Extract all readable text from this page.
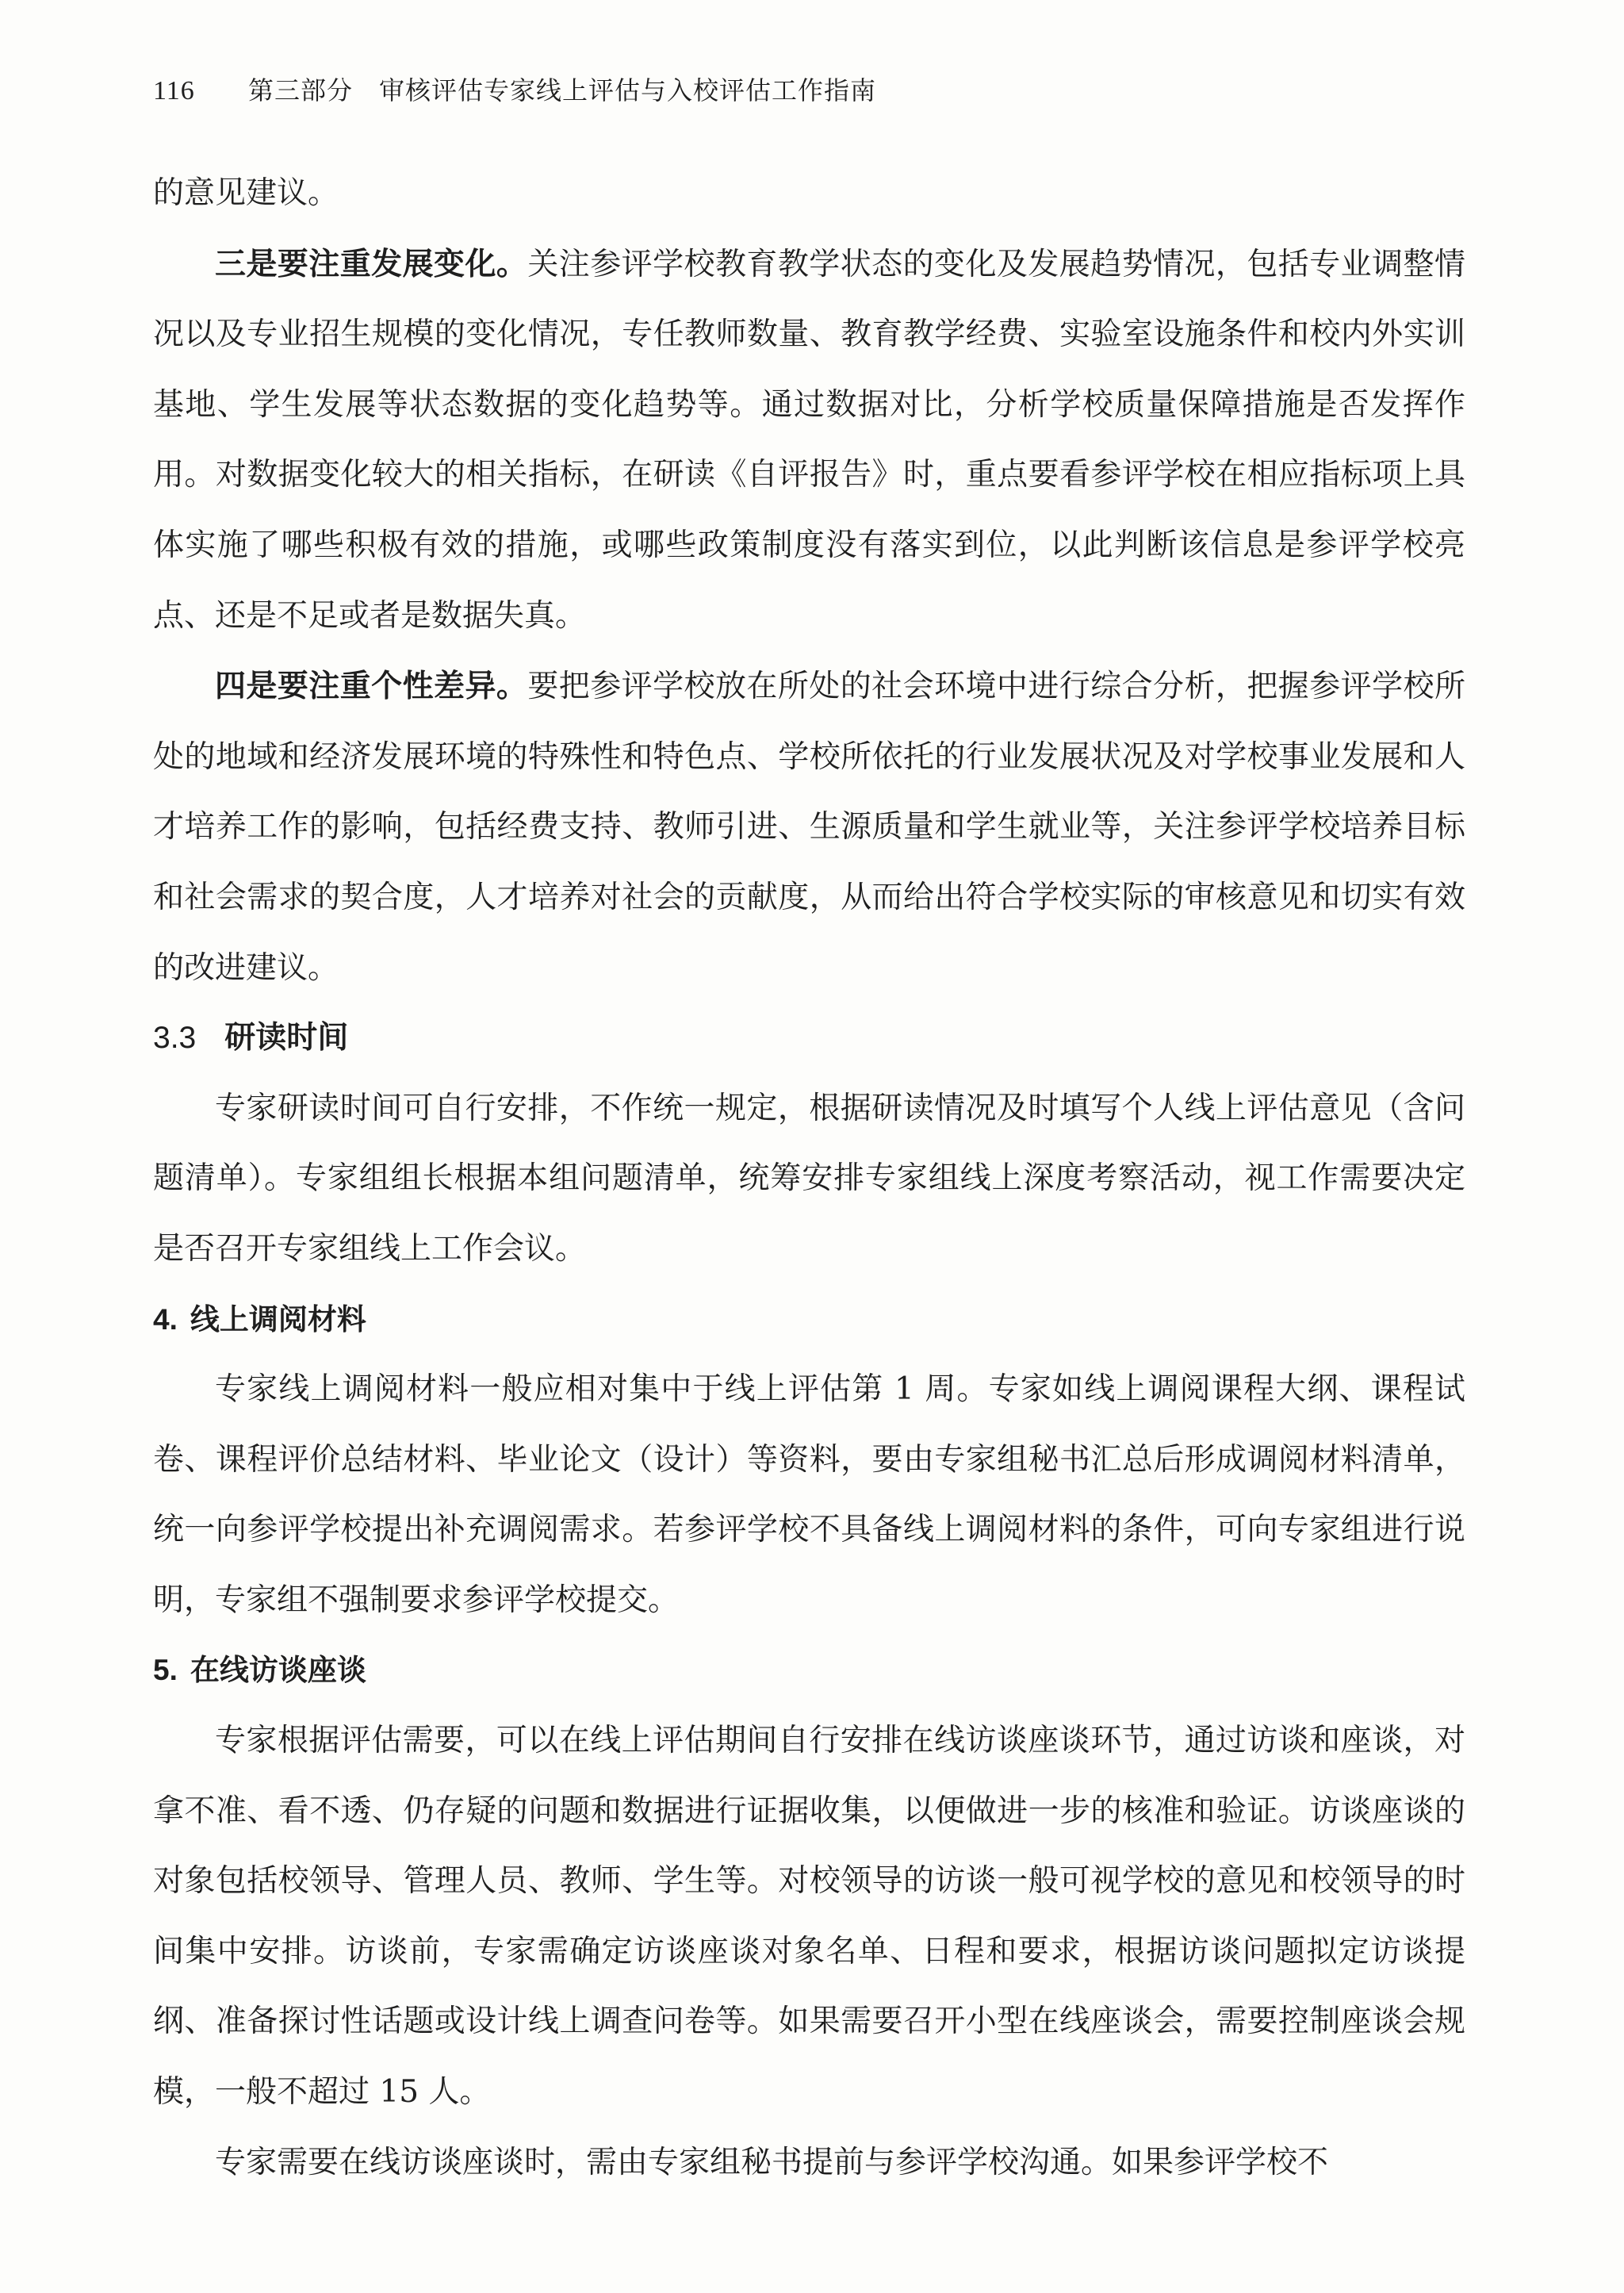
116 第三部分　审核评估专家线上评估与入校评估工作指南

的意见建议。

三是要注重发展变化。关注参评学校教育教学状态的变化及发展趋势情况，包括专业调整情况以及专业招生规模的变化情况，专任教师数量、教育教学经费、实验室设施条件和校内外实训基地、学生发展等状态数据的变化趋势等。通过数据对比，分析学校质量保障措施是否发挥作用。对数据变化较大的相关指标，在研读《自评报告》时，重点要看参评学校在相应指标项上具体实施了哪些积极有效的措施，或哪些政策制度没有落实到位，以此判断该信息是参评学校亮点、还是不足或者是数据失真。

四是要注重个性差异。要把参评学校放在所处的社会环境中进行综合分析，把握参评学校所处的地域和经济发展环境的特殊性和特色点、学校所依托的行业发展状况及对学校事业发展和人才培养工作的影响，包括经费支持、教师引进、生源质量和学生就业等，关注参评学校培养目标和社会需求的契合度，人才培养对社会的贡献度，从而给出符合学校实际的审核意见和切实有效的改进建议。

3.3 研读时间

专家研读时间可自行安排，不作统一规定，根据研读情况及时填写个人线上评估意见（含问题清单）。专家组组长根据本组问题清单，统筹安排专家组线上深度考察活动，视工作需要决定是否召开专家组线上工作会议。

4. 线上调阅材料

专家线上调阅材料一般应相对集中于线上评估第 1 周。专家如线上调阅课程大纲、课程试卷、课程评价总结材料、毕业论文（设计）等资料，要由专家组秘书汇总后形成调阅材料清单，统一向参评学校提出补充调阅需求。若参评学校不具备线上调阅材料的条件，可向专家组进行说明，专家组不强制要求参评学校提交。

5. 在线访谈座谈

专家根据评估需要，可以在线上评估期间自行安排在线访谈座谈环节，通过访谈和座谈，对拿不准、看不透、仍存疑的问题和数据进行证据收集，以便做进一步的核准和验证。访谈座谈的对象包括校领导、管理人员、教师、学生等。对校领导的访谈一般可视学校的意见和校领导的时间集中安排。访谈前，专家需确定访谈座谈对象名单、日程和要求，根据访谈问题拟定访谈提纲、准备探讨性话题或设计线上调查问卷等。如果需要召开小型在线座谈会，需要控制座谈会规模，一般不超过 15 人。

专家需要在线访谈座谈时，需由专家组秘书提前与参评学校沟通。如果参评学校不
